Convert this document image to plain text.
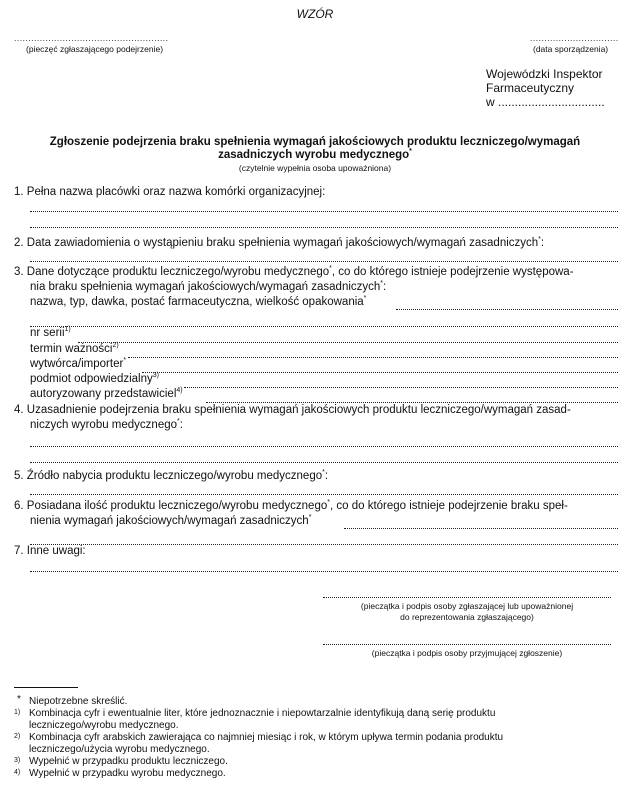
WZÓR
......................................................
(pieczęć zgłaszającego podejrzenie)
...............................
(data sporządzenia)
Wojewódzki Inspektor
Farmaceutyczny
w ................................
Zgłoszenie podejrzenia braku spełnienia wymagań jakościowych produktu leczniczego/wymagań
zasadniczych wyrobu medycznego*
(czytelnie wypełnia osoba upoważniona)
1. Pełna nazwa placówki oraz nazwa komórki organizacyjnej:
2. Data zawiadomienia o wystąpieniu braku spełnienia wymagań jakościowych/wymagań zasadniczych*:
3. Dane dotyczące produktu leczniczego/wyrobu medycznego*, co do którego istnieje podejrzenie występowa-
nia braku spełnienia wymagań jakościowych/wymagań zasadniczych*:
nazwa, typ, dawka, postać farmaceutyczna, wielkość opakowania*
nr serii$^{1)}$
termin ważności$^{2)}$
wytwórca/importer*
podmiot odpowiedzialny$^{3)}$
autoryzowany przedstawiciel$^{4)}$
4. Uzasadnienie podejrzenia braku spełnienia wymagań jakościowych produktu leczniczego/wymagań zasad-
niczych wyrobu medycznego*:
5. Źródło nabycia produktu leczniczego/wyrobu medycznego*:
6. Posiadana ilość produktu leczniczego/wyrobu medycznego*, co do którego istnieje podejrzenie braku speł-
nienia wymagań jakościowych/wymagań zasadniczych*
7. Inne uwagi:
(pieczątka i podpis osoby zgłaszającej lub upoważnionej
do reprezentowania zgłaszającego)
(pieczątka i podpis osoby przyjmującej zgłoszenie)
* Niepotrzebne skreślić.
1) Kombinacja cyfr i ewentualnie liter, które jednoznacznie i niepowtarzalnie identyfikują daną serię produktu
leczniczego/wyrobu medycznego.
2) Kombinacja cyfr arabskich zawierająca co najmniej miesiąc i rok, w którym upływa termin podania produktu
leczniczego/użycia wyrobu medycznego.
3) Wypełnić w przypadku produktu leczniczego.
4) Wypełnić w przypadku wyrobu medycznego.
